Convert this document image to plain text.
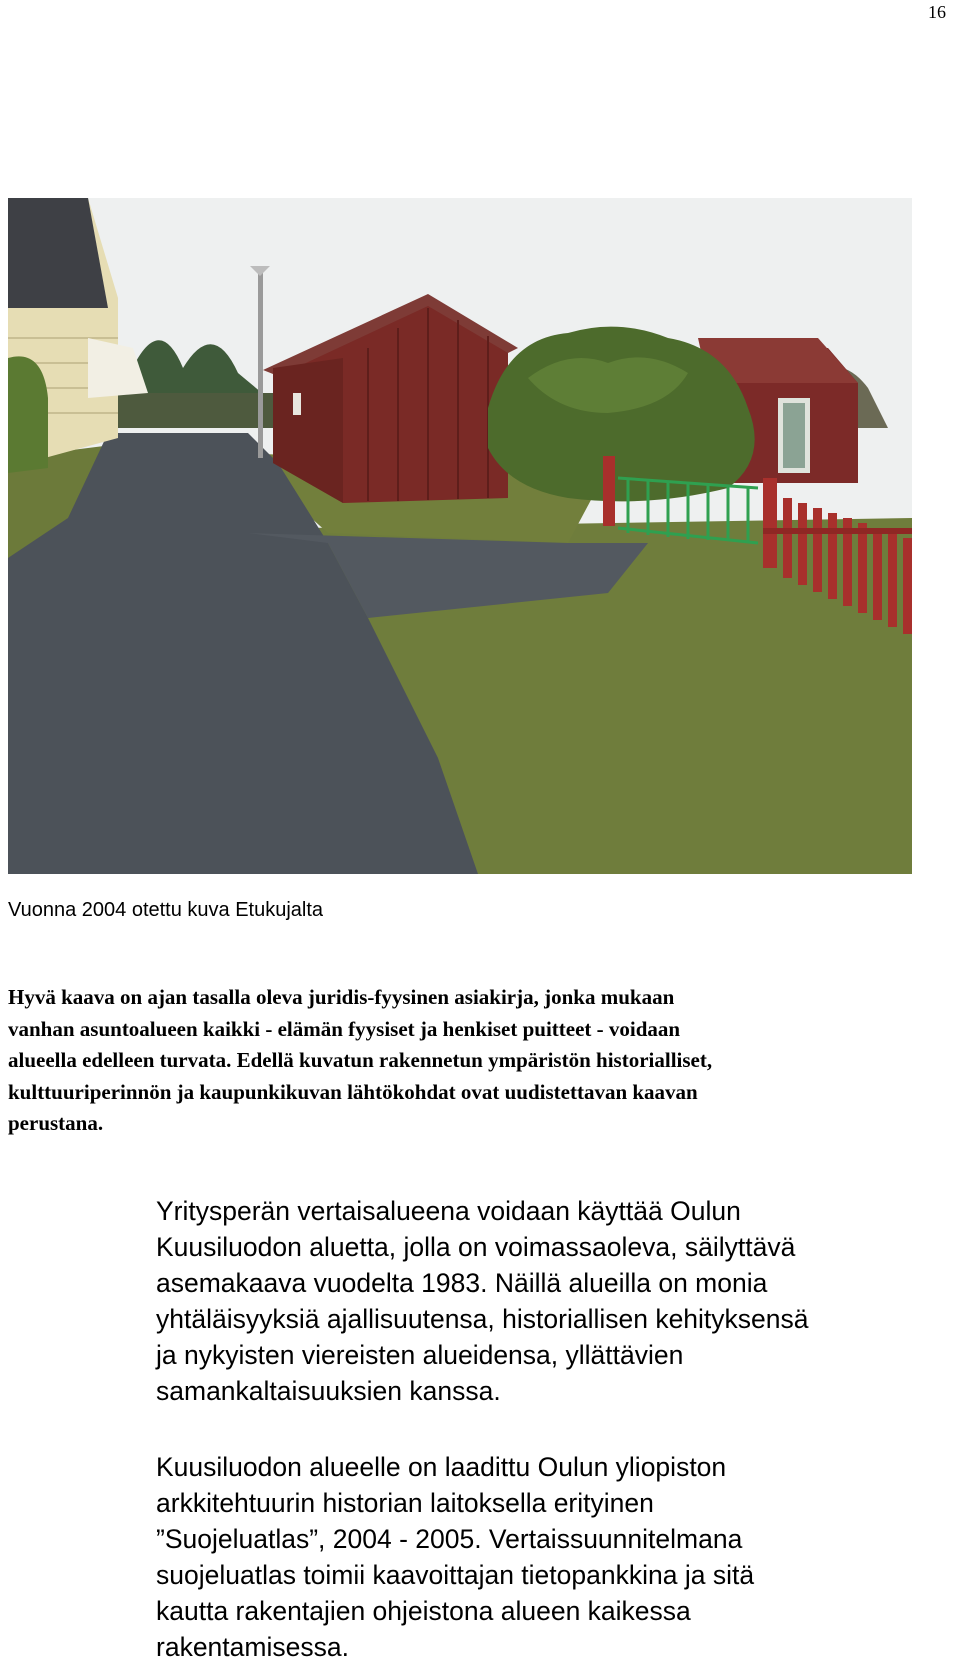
16
Vuonna 2004 otettu kuva Etukujalta

Hyvä kaava on ajan tasalla oleva juridis-fyysinen asiakirja, jonka mukaan
vanhan asuntoalueen kaikki - elämän fyysiset ja henkiset puitteet - voidaan
alueella edelleen turvata. Edellä kuvatun rakennetun ympäristön historialliset,
kulttuuriperinnön ja kaupunkikuvan lähtökohdat ovat uudistettavan kaavan
perustana.

Yritysperän vertaisalueena voidaan käyttää Oulun
Kuusiluodon aluetta, jolla on voimassaoleva, säilyttävä
asemakaava vuodelta 1983. Näillä alueilla on monia
yhtäläisyyksiä ajallisuutensa, historiallisen kehityksensä
ja nykyisten viereisten alueidensa, yllättävien
samankaltaisuuksien kanssa.

Kuusiluodon alueelle on laadittu Oulun yliopiston
arkkitehtuurin historian laitoksella erityinen
”Suojeluatlas”, 2004 - 2005. Vertaissuunnitelmana
suojeluatlas toimii kaavoittajan tietopankkina ja sitä
kautta rakentajien ohjeistona alueen kaikessa
rakentamisessa.
